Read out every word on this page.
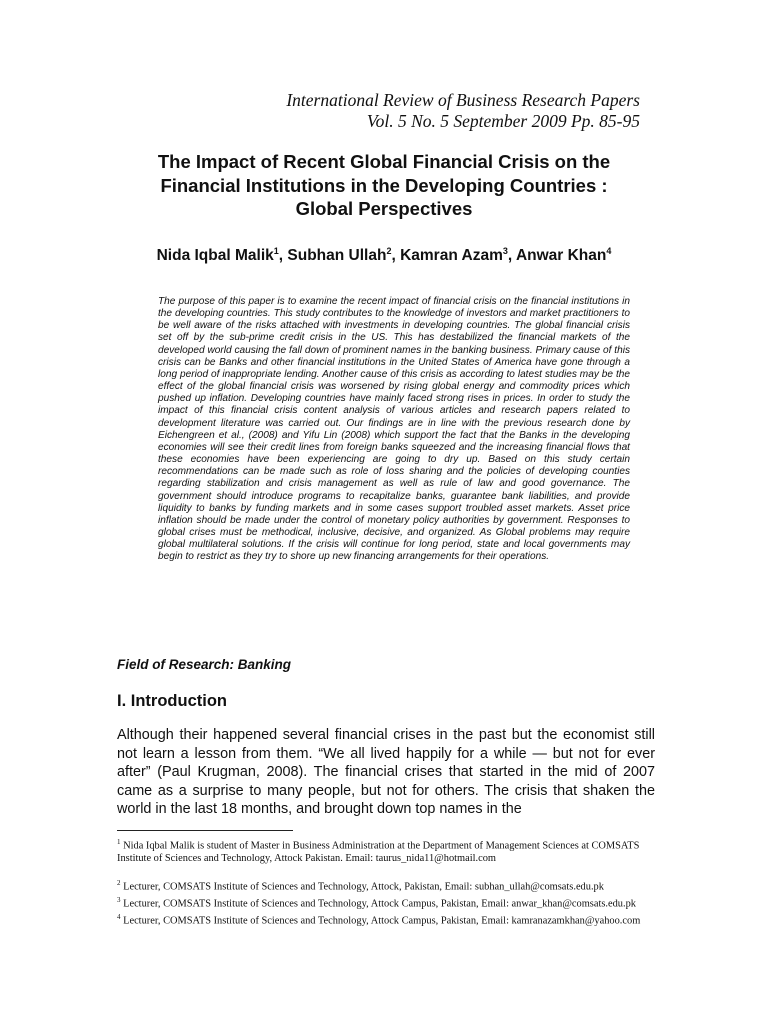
International Review of Business Research Papers
Vol. 5 No. 5 September 2009 Pp. 85-95
The Impact of Recent Global Financial Crisis on the
Financial Institutions in the Developing Countries :
Global Perspectives
Nida Iqbal Malik$^1$, Subhan Ullah$^2$, Kamran Azam$^3$, Anwar Khan$^4$

The purpose of this paper is to examine the recent impact of financial crisis on the financial institutions in the developing countries. This study contributes to the knowledge of investors and market practitioners to be well aware of the risks attached with investments in developing countries. The global financial crisis set off by the sub-prime credit crisis in the US. This has destabilized the financial markets of the developed world causing the fall down of prominent names in the banking business. Primary cause of this crisis can be Banks and other financial institutions in the United States of America have gone through a long period of inappropriate lending. Another cause of this crisis as according to latest studies may be the effect of the global financial crisis was worsened by rising global energy and commodity prices which pushed up inflation. Developing countries have mainly faced strong rises in prices. In order to study the impact of this financial crisis content analysis of various articles and research papers related to development literature was carried out. Our findings are in line with the previous research done by Eichengreen et al., (2008) and Yifu Lin (2008) which support the fact that the Banks in the developing economies will see their credit lines from foreign banks squeezed and the increasing financial flows that these economies have been experiencing are going to dry up. Based on this study certain recommendations can be made such as role of loss sharing and the policies of developing counties regarding stabilization and crisis management as well as rule of law and good governance. The government should introduce programs to recapitalize banks, guarantee bank liabilities, and provide liquidity to banks by funding markets and in some cases support troubled asset markets. Asset price inflation should be made under the control of monetary policy authorities by government. Responses to global crises must be methodical, inclusive, decisive, and organized. As Global problems may require global multilateral solutions. If the crisis will continue for long period, state and local governments may begin to restrict as they try to shore up new financing arrangements for their operations.

Field of Research: Banking
I. Introduction

Although their happened several financial crises in the past but the economist still not learn a lesson from them. “We all lived happily for a while — but not for ever after” (Paul Krugman, 2008). The financial crises that started in the mid of 2007 came as a surprise to many people, but not for others. The crisis that shaken the world in the last 18 months, and brought down top names in the

$^1$ Nida Iqbal Malik is student of Master in Business Administration at the Department of Management Sciences at COMSATS Institute of Sciences and Technology, Attock Pakistan. Email: taurus_nida11@hotmail.com

$^2$ Lecturer, COMSATS Institute of Sciences and Technology, Attock, Pakistan, Email: subhan_ullah@comsats.edu.pk

$^3$ Lecturer, COMSATS Institute of Sciences and Technology, Attock Campus, Pakistan, Email: anwar_khan@comsats.edu.pk

$^4$ Lecturer, COMSATS Institute of Sciences and Technology, Attock Campus, Pakistan, Email: kamranazamkhan@yahoo.com
